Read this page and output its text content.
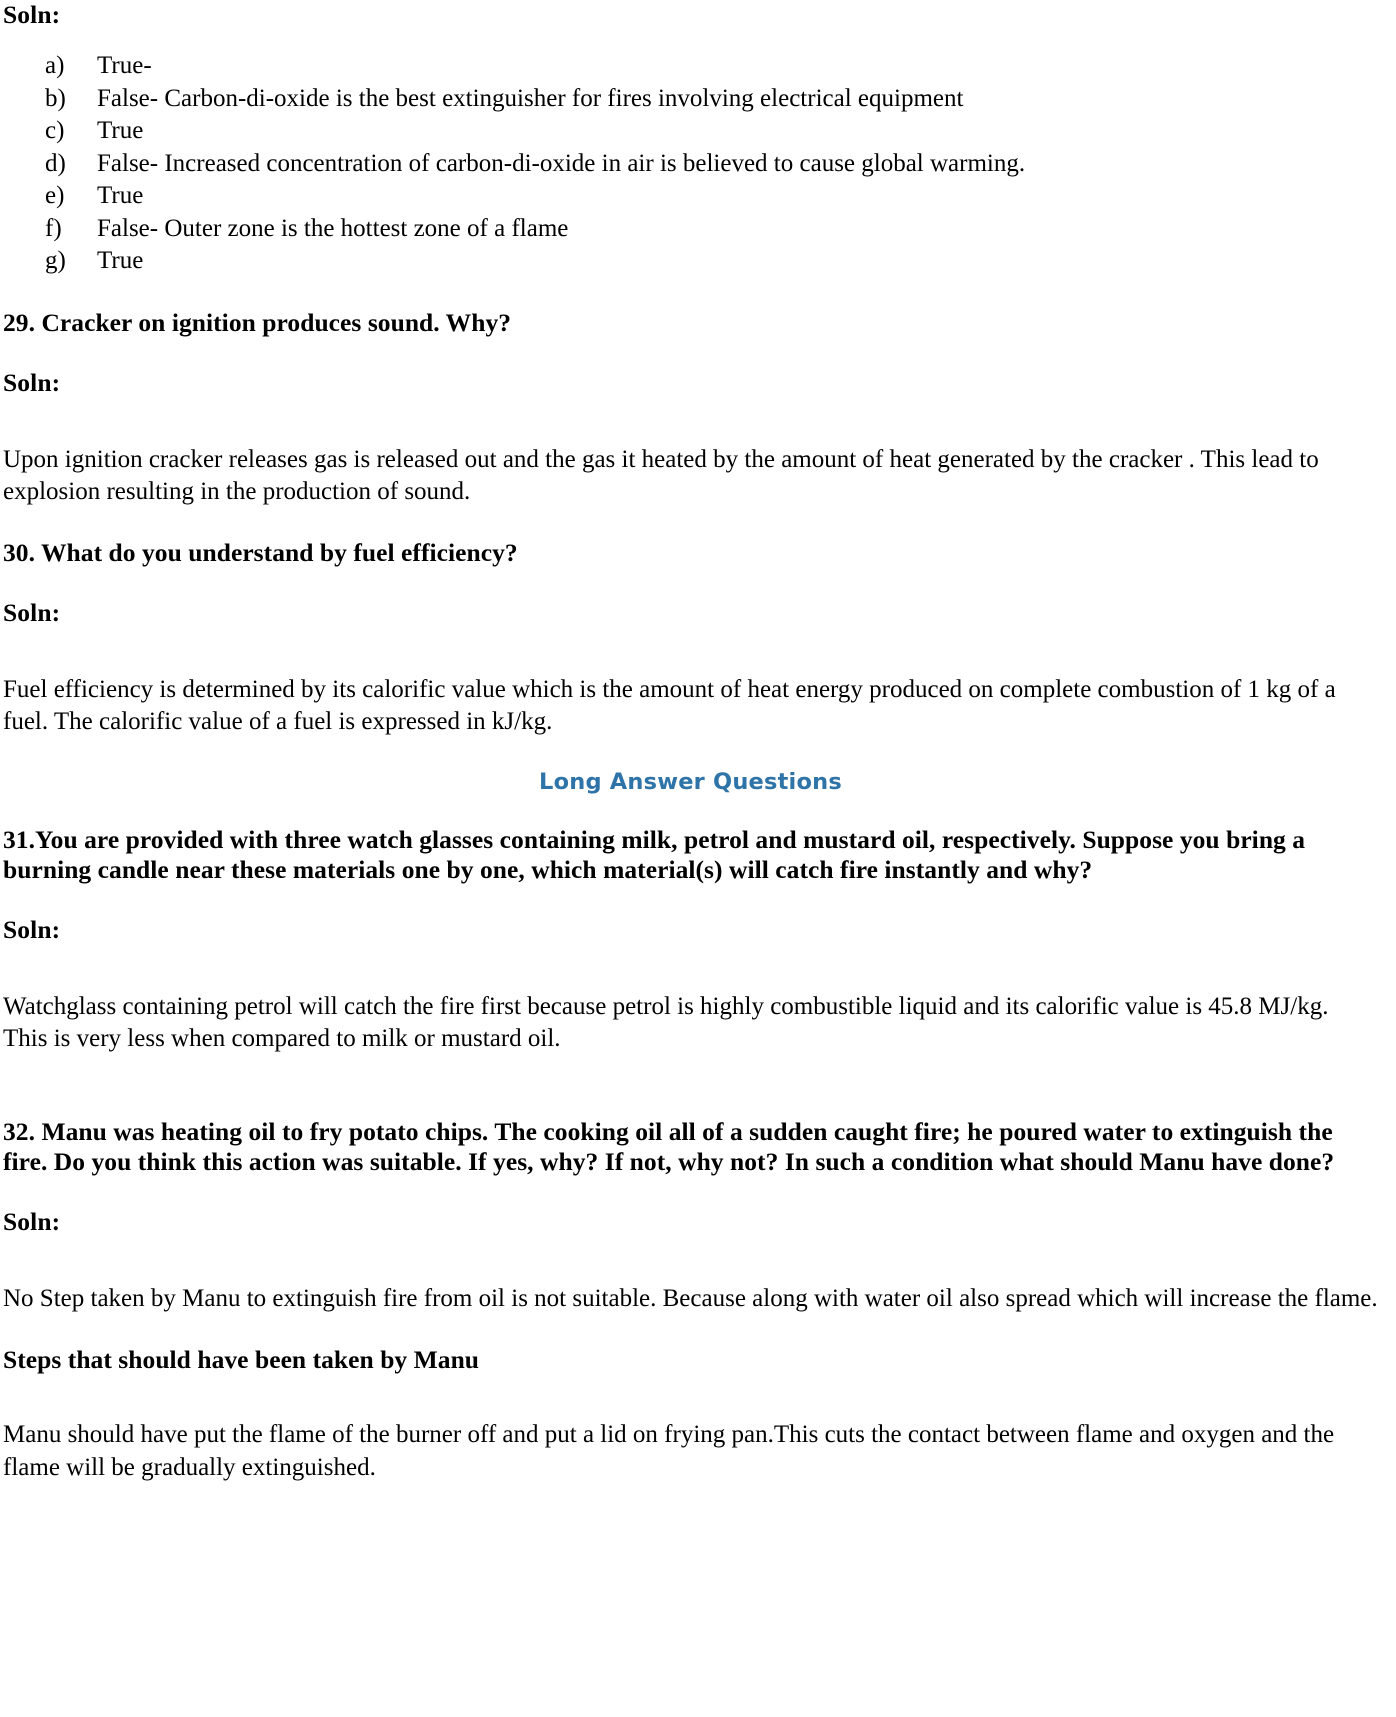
Soln:
a)	True-
b)	False- Carbon-di-oxide is the best extinguisher for fires involving electrical equipment
c)	True
d)	False- Increased concentration of carbon-di-oxide in air is believed to cause global warming.
e)	True
f)	False- Outer zone is the hottest zone of a flame
g)	True
29. Cracker on ignition produces sound. Why?
Soln:
Upon ignition cracker releases gas is released out and the gas it heated by the amount of heat generated by the cracker . This lead to explosion resulting in the production of sound.
30. What do you understand by fuel efficiency?
Soln:
Fuel efficiency is determined by its calorific value which is the amount of heat energy produced on complete combustion of 1 kg of a fuel. The calorific value of a fuel is expressed in kJ/kg.
Long Answer Questions
31.You are provided with three watch glasses containing milk, petrol and mustard oil, respectively. Suppose you bring a burning candle near these materials one by one, which material(s) will catch fire instantly and why?
Soln:
Watchglass containing petrol will catch the fire first because petrol is highly combustible liquid and its calorific value is 45.8 MJ/kg. This is very less when compared to milk or mustard oil.
32. Manu was heating oil to fry potato chips. The cooking oil all of a sudden caught fire; he poured water to extinguish the fire. Do you think this action was suitable. If yes, why? If not, why not? In such a condition what should Manu have done?
Soln:
No Step taken by Manu to extinguish fire from oil is not suitable. Because along with water oil also spread which will increase the flame.
Steps that should have been taken by Manu
Manu should have put the flame of the burner off and put a lid on frying pan.This cuts the contact between flame and oxygen and the flame will be gradually extinguished.
